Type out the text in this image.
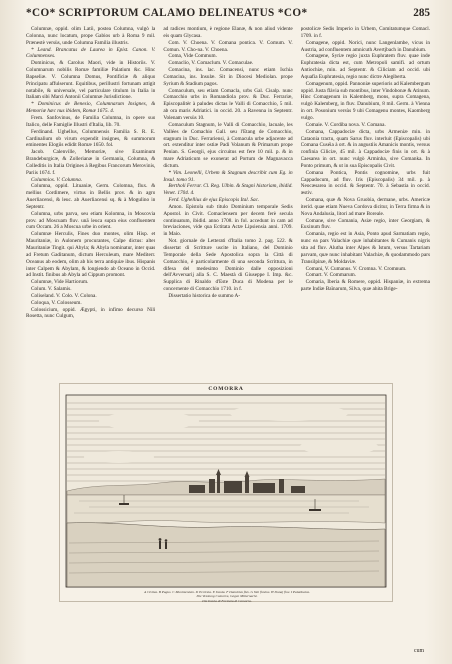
*CO* SCRIPTORUM CALAMO DELINEATUS *CO*	285

Columnæ, oppid. olim Latii, postea Columna, vulgò la Colonna, nunc locatum, prope Gabios urb à Roma 9 mil. Prænestè versùs, unde Columna Familia illustris.

* Leand. Brancatus de Laurea in Epist. Canon. V. Columnenses.

Dominicus, & Carolus Maori, vide in Historiis. V. Columnarum nobilis Romæ familiæ Palatium &c. Hinc Bapseliæ. V. Columna Domus, Pontificiæ & aliquo Principatu affulserunt. Equitibus, perillustri fortunam attigit notabile, & universale, vel particulare titulum in Italia in Italiam sibi Marci Antonii Columnæ Jurisdictione.

* Dominicus de Benesio, Columnarum Insignes, & Memoriæ hæc nus ibidem, Romæ 1675. 4.

Frem. Sanfovinus, de Familia Columna, in opere suo Italico, delle Famiglie Illustri d'Italia, lib. 70.

Ferdinand. Ughellus, Columnensis Familia S. R. E. Cardinalium ob virum expendit insignes, & summorum eminentes Elogiis edidit Romæ 1650. fol.

Jacob. Calenville, Memoriæ, sive Examinum Brandeburgicæ, & Zollerianæ in Germania, Columna, & Colleditis in Italia Origines à Regibus Francorum Merovinis, Pariis 1674. f.

Columnios. V. Columna.

Columna, oppid. Lituaniæ, Germ. Colomna, flux. & mellius Cordimere, virtus in Bellis prov. & in agro Auerliacensi, & leuc. ab Auerliacensi sq. & à Mogulino in Septentr.

Columna, urbs parva, seu etiam Kolomna, in Moscovia prov. ad Moscuam fluv. unā leuca supra eius confluentem cum Occam. 26 a Moscua urbe in orient.

Columnæ Herculis, Fines duo montes, olim Hisp. et Mauritaniæ, in Aulonem procurantes, Calpe dictus: alter Mauritaniæ Tingit. qui Abyla; & Abyla nominatur, inter quas ad Fretum Gaditanum, dictum Herculeum, mare Mediterr. Oceanus ab eodem, olim ab his terra antiquiæ ibus. Hispanis inter Calpem & Abylam, & longiendo ab Oceano in Occid. ad Instit. finibus ab Abyla ad Cippum promont.

Columnæ, Vide Hartiorum.

Colum. V. Salamis.

Coliseland. V. Colo. V. Colona.

Coloqua, V. Colosseum.

Colossicium, oppid. Ægypti, in infimo decurso Nili Rosetta, nunc Culgum,

ad radices montium, è regione Elanæ, & non aliud vidente eis quam Glycasa.

Com. V. Choena. V. Comana pontica. V. Comum. V. Comun. V. Cho-na. V. Choena.

Coma, Vide Commum.

Comaclio, V. Comaclum. V. Comaculae.

Comacina, ins. lac. Comacensi, nunc etiam Ischia Comacina, ins. Insulæ. Sit in Diocesi Mediolan. prope Syrium & Stadium pagos.

Comaculum, seu etiam Comacla, urbs Gal. Cisalp. nunc Comacchio urbs in Romandiola prov. & Duc. Ferrariæ, Episcopalitèr à paludes dictas le Valli di Comacchio, 5 mil. ab ora maris Adriatici. in occid. 20. a Ravenna in Septentr. Volenam versùs 10.

Comaculum Stagnum, le Valli di Comacchio, lacuale, les Vallées de Comachio Gall. seu l'Etang de Comacchio, stagnum in Duc. Ferrariensi, à Comacula urbe adjacente ad ort. extenditur inter ostiæ Padi Volanum & Primarum prope Penian. S. Georgii, ejus circuitus est fere 10 mil. p. & in mare Adriaticum se exonerat ad Portum de Magnavacca dictum.

* Vim. Leonelli, Urbem & Stagnum describit cum Eg. in Insul. tomo 91.

Bertholi Ferrar. Cl. Reg. Ulbin. & Stagni historiam, ibidid. Venet. 1704. 4.

Ferd. Ughellius de ejus Episcopis Ital. Sac.

Amon. Epistola sub titulo Dominium temporale Sedis Apostol. in Civit. Comaclensem per decem ferè secula continuatum, ibidid. anno 1708. in fol. accedunt in cam ad breviaciones, vide qua Ectitata Actæ Lipsiensia anni. 1709. in Maio.

Not. giornale de Letterati d'Italia tomo 2. pag. 522. & dissertat di Scritture uscite in Italiano, del Dominio Temporale della Sede Apostolica sopra la Città di Comacchio, è particolarmente di una seconda Scrittura, in difesa del medesimo Dominio dalle opposizioni dell'Avversarij alla S. C. Maestà di Giuseppe I. Imp. &c. Supplica di Rinaldo d'Este Duca di Modena per le concernente di Comacchio 1710. in f.

Dissertatio historica de summo A-

postolicæ Sedis Imperio in Urbem, Comitatumque Comacl. 1709. in f.

Comagene, oppid. Norici, nunc Langenlambe, vicus in Austria, ad confluentem amnicuth Avertjbach in Danubium.

Comagene, Syriæ regio juxta Euphratem fluv. quae inde Euphratesia dicta est, cum Metropoli samifi. ad ortum Antiochiæ, min. ad Septentr. & Ciliciam ad occid. ubi Aquafia Euphratesia, regio nunc dictre Alegiberta.

Comagenum, oppid. Pannoniæ superioris ad Kalembergum oppid. Justa flàvia sub montibus, inter Vindobonæ & Atinum. Hinc Comagenum in Kalemberg, mons, supra Comagena, vulgò Kalemberg, in fluv. Danubium, 8 mil. Germ. à Vienna in ort. Posonium versùs 9 ubi Comagenu montes, Kaomberg vulgo.

Comaie. V. Cordiba nova. V. Comana.

Comana, Cappadociæ dicta, urbs Armeniæ min. in Cataonia tractu, quam Sarus fluv. interluit (Episcopalis) ubi Comana Cuséia à ort. & in angustiis Amanicis montis, versus confinia Ciliciæ, 45 mil. à Cappadociæ finis in ort. & à Caesarea in ort. nunc vulgò Arminha, sive Comanka. In Ponto primum, & ut in sua Episcopalis Civit.

Comana Pontica, Pontis cognomine, urbs fuit Cappadocum, ad fluv. Iris (Episcopalis) 34 mil. p. à Neocæsarea in occid. & Septentr. 70. à Sebastia in occid. æstiv.

Comana, quæ & Nova Gruobia, dermane, urbs. Americæ iterid. quae etiam Nueva Cordova dicitur, in Terra firma & in Nova Andalusia, litori ad mare Boreale.

Comane, sive Comania, Asiæ regio, inter Georgiam, & Euxinum fluv.

Comania, regio est in Asia, Ponto apud Sarmatiam regio, nunc ea pars Valachiæ quæ inhabitantes & Cumanis nigris sita ad fluv. Alutha inter Alpes & Istum, versus Tartariam parvam, quæ nunc inhabitant Valachiæ, & quodammodo pars Transilpinæ, & Moldaviæ.

Comani, V. Cumanus. V. Cromna. V. Cromnum.

Comart. V. Commarum.

Comaria, Iberia & Romere, oppid. Hispaniæ, in extrema parte Indiæ Baïnarum, Silva, quæ ahita Brige-

COMORRA
A Civitas. B Pagus. C Munimentum. D Ecclesia. E Insula. F Danubius fluv. G Vah fluvius. H Dunaj fluv. I Palatinatus.
Die Vesstung Comorra, Gegen Mitternacht.
Die Insula di Fortezza di Comorra.
cum
